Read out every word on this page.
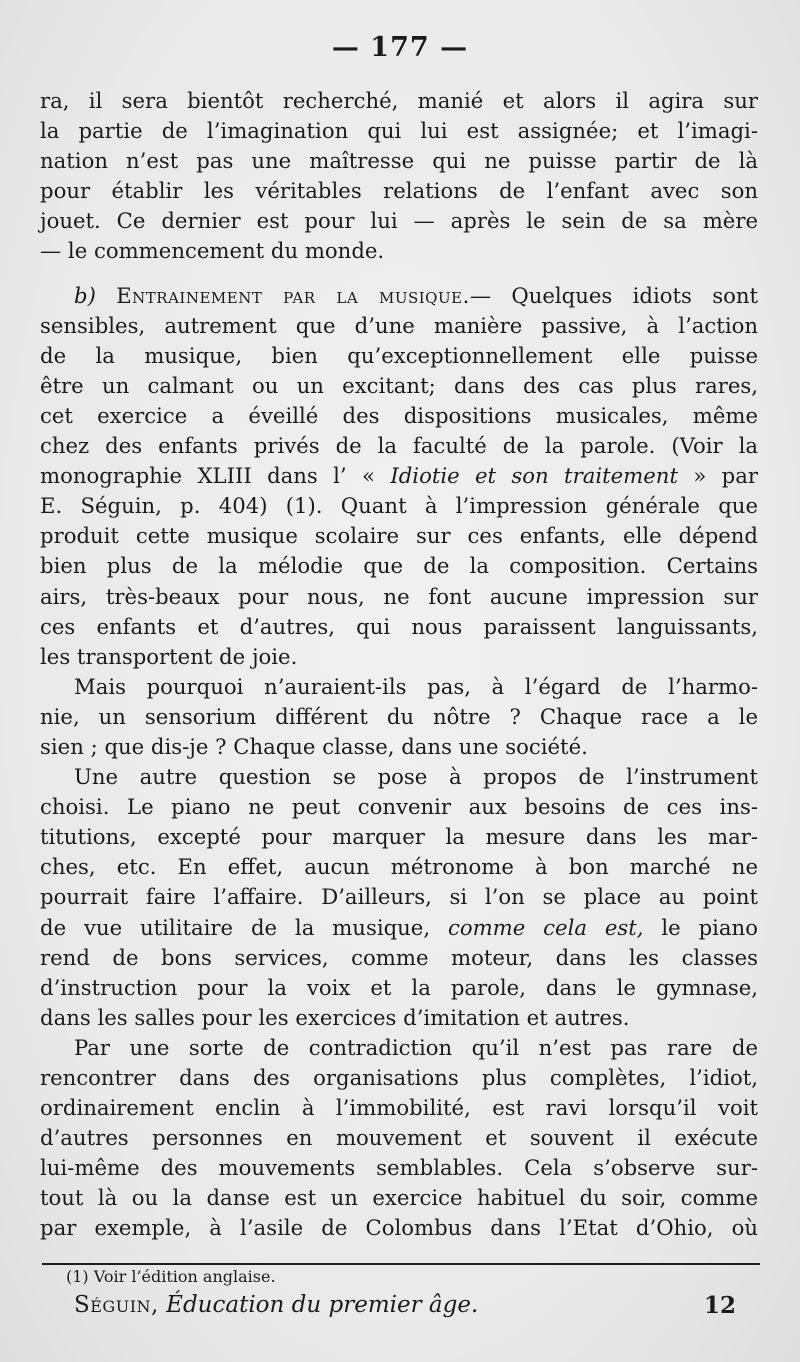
— 177 —
ra, il sera bientôt recherché, manié et alors il agira sur
la partie de l’imagination qui lui est assignée; et l’imagi-
nation n’est pas une maîtresse qui ne puisse partir de là
pour établir les véritables relations de l’enfant avec son
jouet. Ce dernier est pour lui — après le sein de sa mère
— le commencement du monde.
b) Entrainement par la musique.— Quelques idiots sont
sensibles, autrement que d’une manière passive, à l’action
de la musique, bien qu’exceptionnellement elle puisse
être un calmant ou un excitant; dans des cas plus rares,
cet exercice a éveillé des dispositions musicales, même
chez des enfants privés de la faculté de la parole. (Voir la
monographie XLIII dans l’ « Idiotie et son traitement » par
E. Séguin, p. 404) (1). Quant à l’impression générale que
produit cette musique scolaire sur ces enfants, elle dépend
bien plus de la mélodie que de la composition. Certains
airs, très-beaux pour nous, ne font aucune impression sur
ces enfants et d’autres, qui nous paraissent languissants,
les transportent de joie.
Mais pourquoi n’auraient-ils pas, à l’égard de l’harmo-
nie, un sensorium différent du nôtre ? Chaque race a le
sien ; que dis-je ? Chaque classe, dans une société.
Une autre question se pose à propos de l’instrument
choisi. Le piano ne peut convenir aux besoins de ces ins-
titutions, excepté pour marquer la mesure dans les mar-
ches, etc. En effet, aucun métronome à bon marché ne
pourrait faire l’affaire. D’ailleurs, si l’on se place au point
de vue utilitaire de la musique, comme cela est, le piano
rend de bons services, comme moteur, dans les classes
d’instruction pour la voix et la parole, dans le gymnase,
dans les salles pour les exercices d’imitation et autres.
Par une sorte de contradiction qu’il n’est pas rare de
rencontrer dans des organisations plus complètes, l’idiot,
ordinairement enclin à l’immobilité, est ravi lorsqu’il voit
d’autres personnes en mouvement et souvent il exécute
lui-même des mouvements semblables. Cela s’observe sur-
tout là ou la danse est un exercice habituel du soir, comme
par exemple, à l’asile de Colombus dans l’Etat d’Ohio, où
(1) Voir l’édition anglaise.
Séguin, Éducation du premier âge.	12
